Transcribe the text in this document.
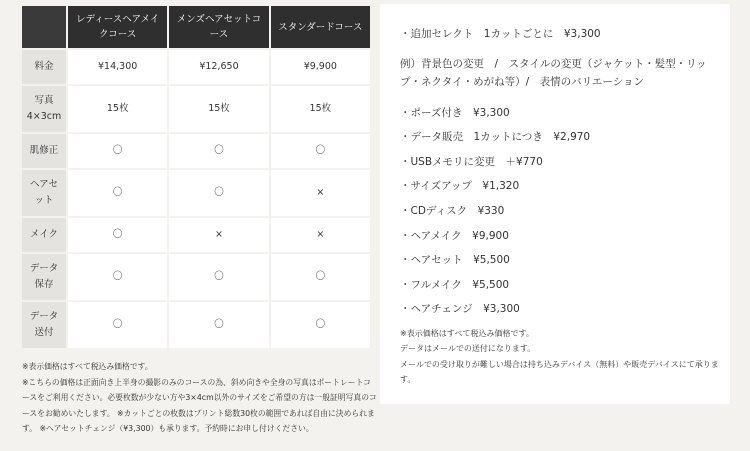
	レディースヘアメイクコース	メンズヘアセットコース	スタンダードコース
料金	¥14,300	¥12,650	¥9,900
写真 4×3cm	15枚	15枚	15枚
肌修正	〇	〇	〇
ヘアセット	〇	〇	×
メイク	〇	×	×
データ保存	〇	〇	〇
データ送付	〇	〇	〇
※表示価格はすべて税込み価格です。
※こちらの価格は正面向き上半身の撮影のみのコースの為、斜め向きや全身の写真はポートレートコースをご利用ください。必要枚数が少ない方や3×4cm以外のサイズをご希望の方は一般証明写真のコースをお勧めいたします。 ※カットごとの枚数はプリント総数30枚の範囲であれば自由に決められます。 ※ヘアセットチェンジ（¥3,300）も承ります。予約時にお申し付けください。
・追加セレクト　1カットごとに　¥3,300
例）背景色の変更　/　スタイルの変更（ジャケット・髪型・リップ・ネクタイ・めがね等）/　表情のバリエーション
・ポーズ付き　¥3,300
・データ販売　1カットにつき　¥2,970
・USBメモリに変更　＋¥770
・サイズアップ　¥1,320
・CDディスク　¥330
・ヘアメイク　¥9,900
・ヘアセット　¥5,500
・フルメイク　¥5,500
・ヘアチェンジ　¥3,300
※表示価格はすべて税込み価格です。
データはメールでの送付になります。
メールでの受け取りが難しい場合は持ち込みデバイス（無料）や販売デバイスにて承ります。
